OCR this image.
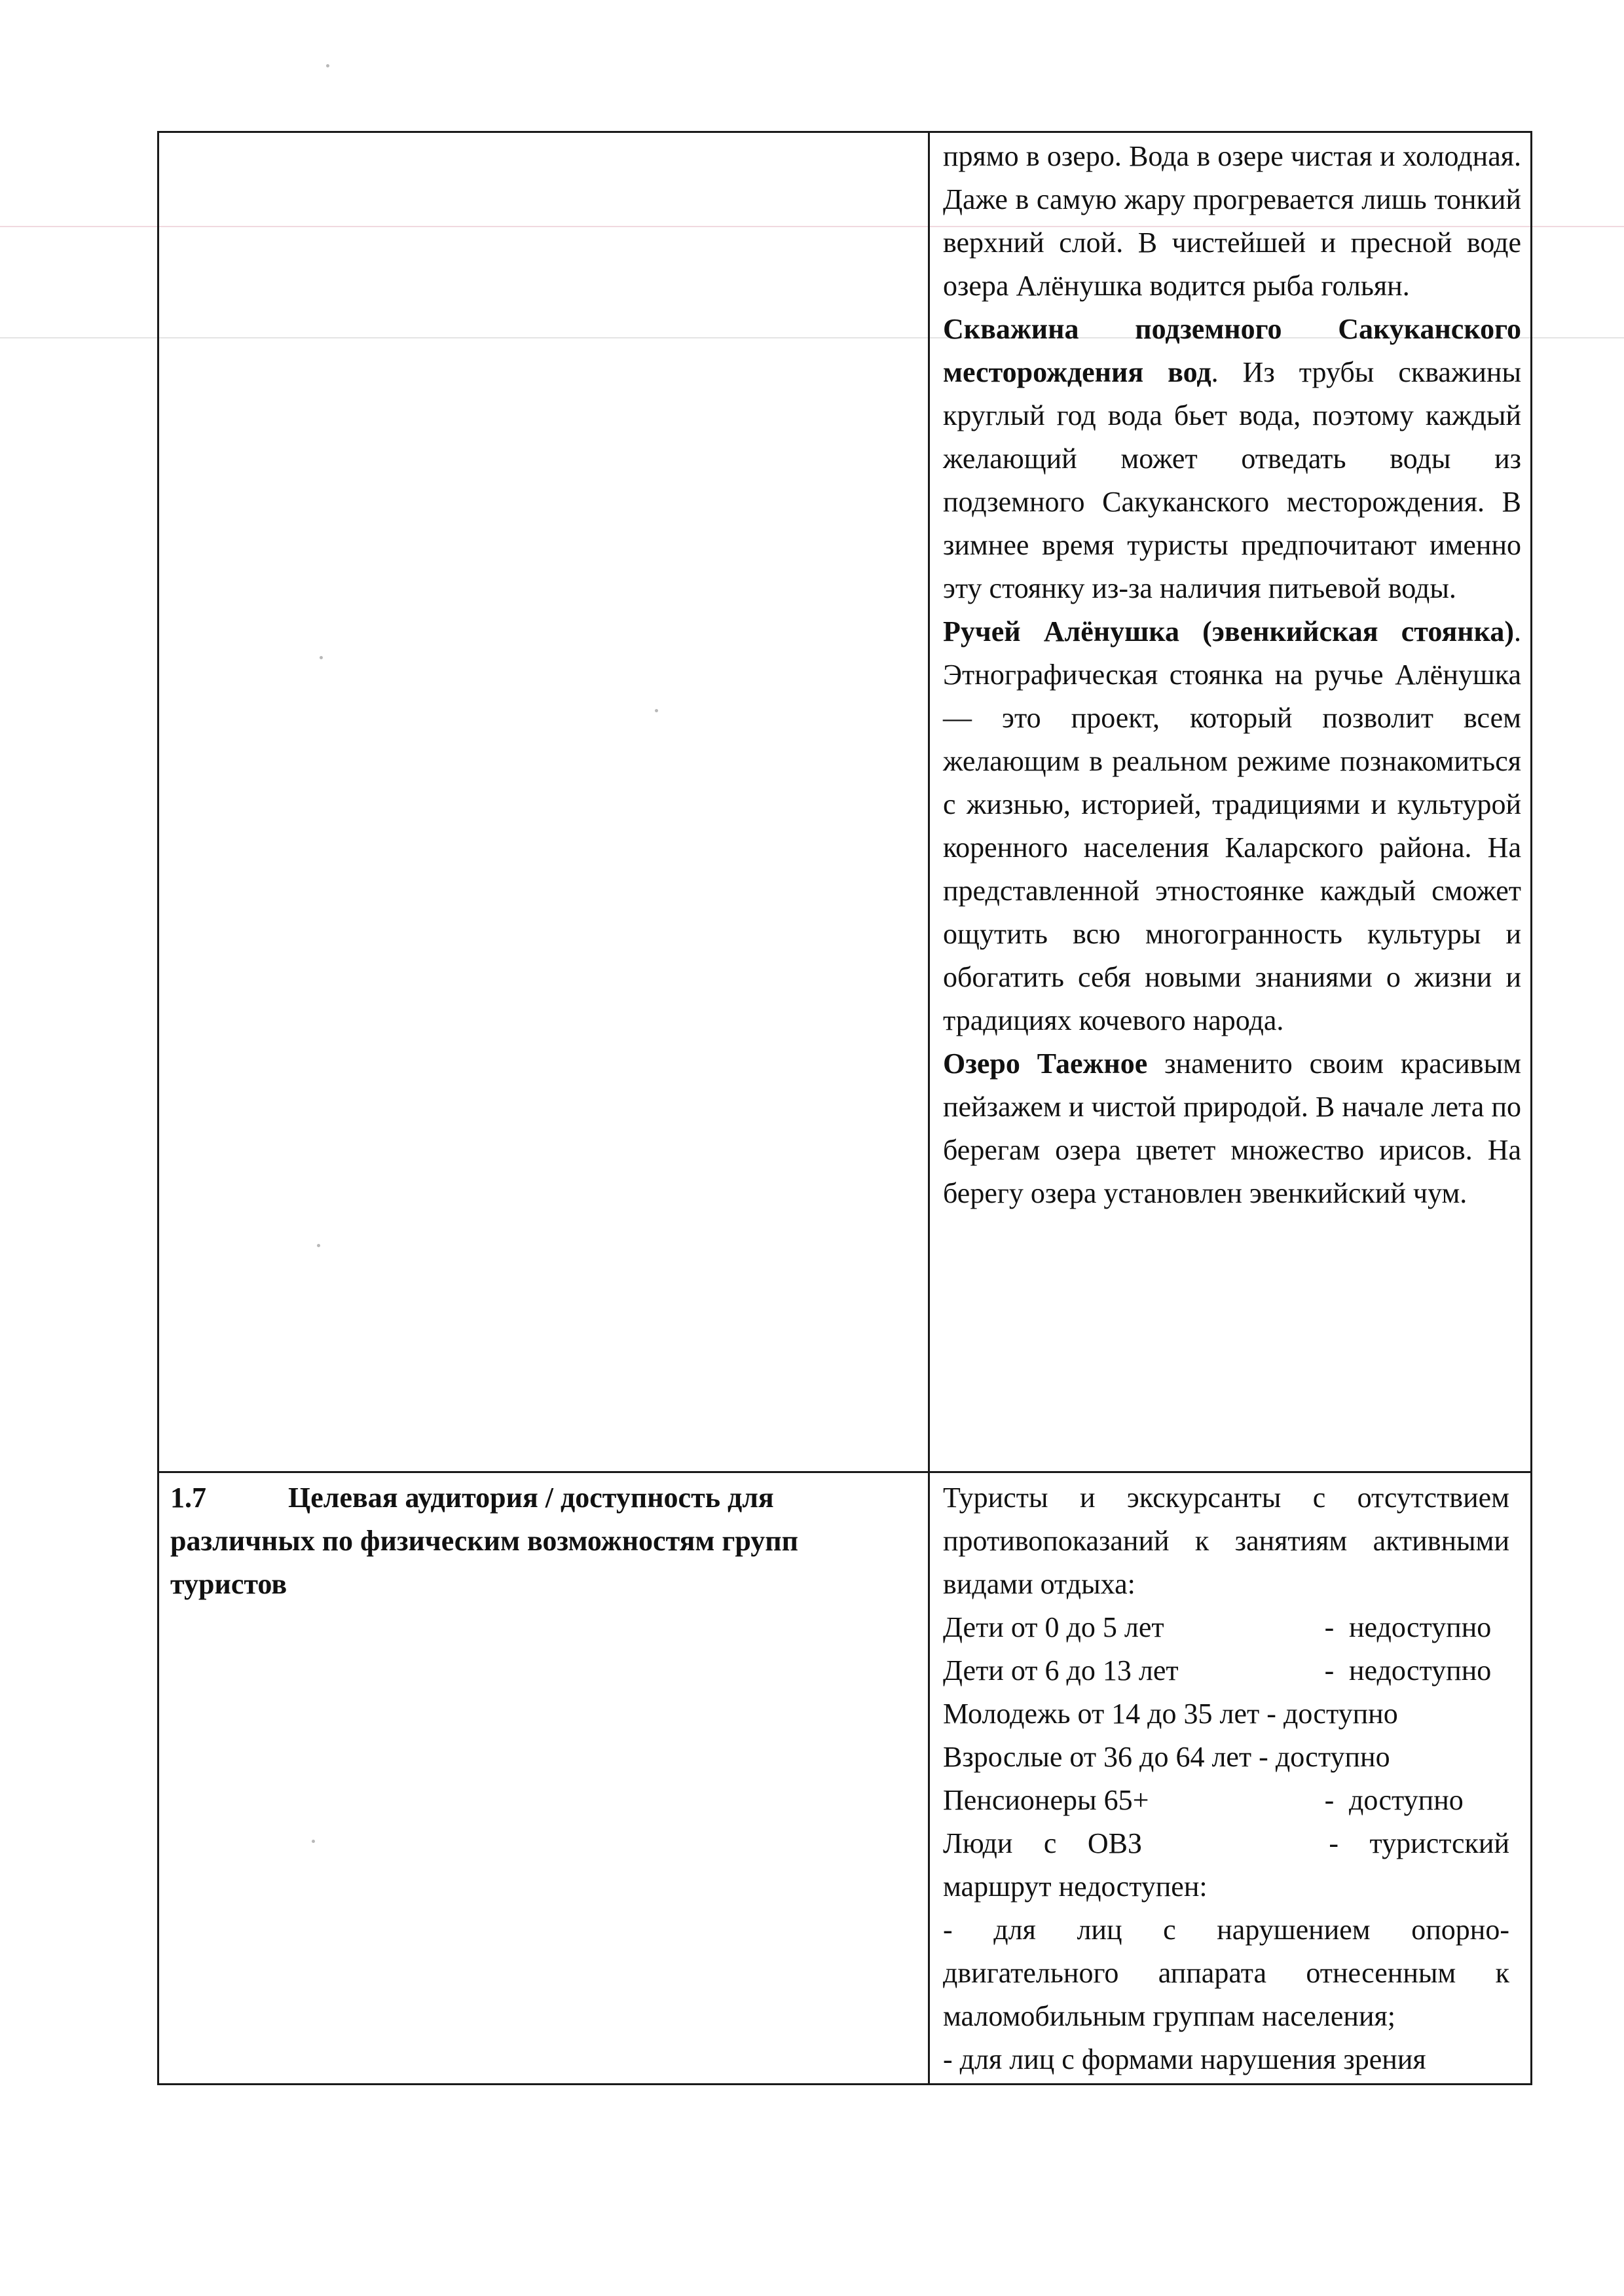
прямо в озеро. Вода в озере чистая и холодная. Даже в самую жару прогревается лишь тонкий верхний слой. В чистейшей и пресной воде озера Алёнушка водится рыба гольян.

Скважина подземного Сакуканского месторождения вод. Из трубы скважины круглый год вода бьет вода, поэтому каждый желающий может отведать воды из подземного Сакуканского месторождения. В зимнее время туристы предпочитают именно эту стоянку из-за наличия питьевой воды.

Ручей Алёнушка (эвенкийская стоянка). Этнографическая стоянка на ручье Алёнушка — это проект, который позволит всем желающим в реальном режиме познакомиться с жизнью, историей, традициями и культурой коренного населения Каларского района. На представленной этностоянке каждый сможет ощутить всю многогранность культуры и обогатить себя новыми знаниями о жизни и традициях кочевого народа.

Озеро Таежное знаменито своим красивым пейзажем и чистой природой. В начале лета по берегам озера цветет множество ирисов. На берегу озера установлен эвенкийский чум.

1.7	Целевая аудитория / доступность для различных по физическим возможностям групп туристов

Туристы и экскурсанты с отсутствием противопоказаний к занятиям активными видами отдыха:

Дети от 0 до 5 лет	- недоступно
Дети от 6 до 13 лет	- недоступно
Молодежь от 14 до 35 лет - доступно
Взрослые от 36 до 64 лет - доступно
Пенсионеры 65+	- доступно

Люди с ОВЗ	- туристский маршрут недоступен:

- для лиц с нарушением опорно-двигательного аппарата отнесенным к маломобильным группам населения;

- для лиц с формами нарушения зрения
